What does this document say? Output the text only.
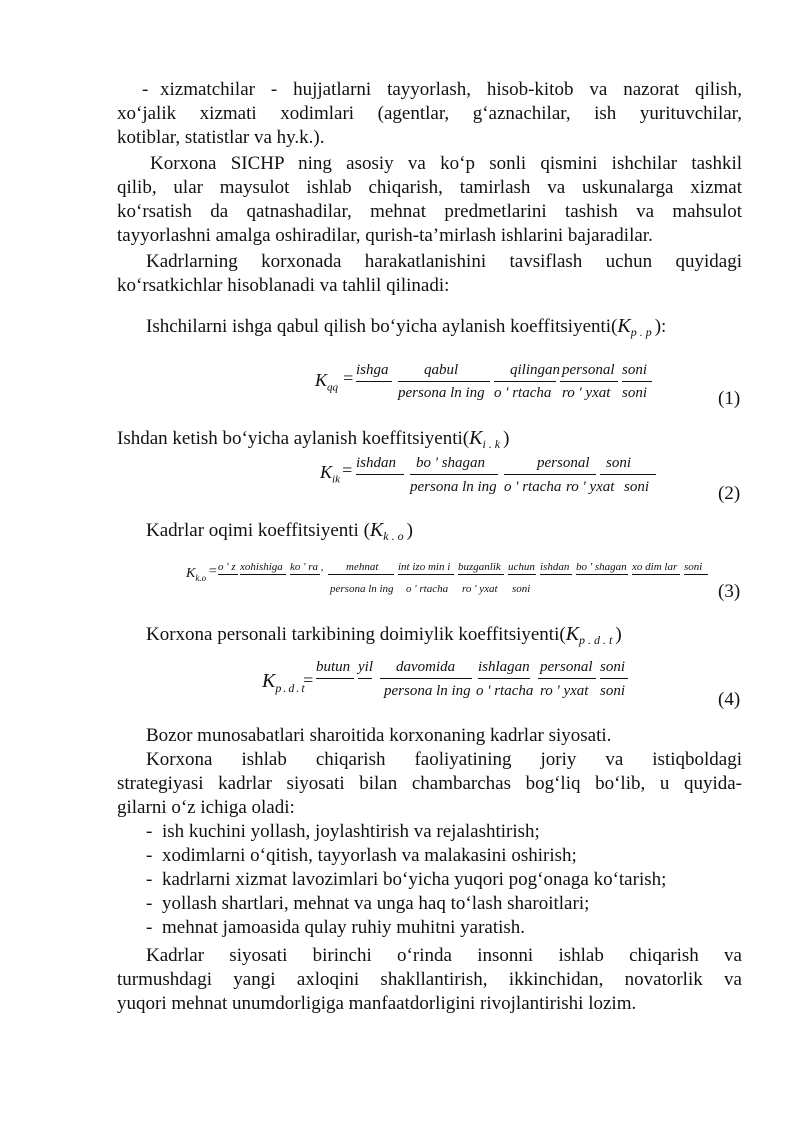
- xizmatchilar - hujjatlarni tayyorlash, hisob-kitob va nazorat qilish,
xo‘jalik xizmati xodimlari (agentlar, g‘aznachilar, ish yurituvchilar,
kotiblar, statistlar va hy.k.).
Korxona SICHP ning asosiy va ko‘p sonli qismini ishchilar tashkil
qilib, ular maysulot ishlab chiqarish, tamirlash va uskunalarga xizmat
ko‘rsatish da qatnashadilar, mehnat predmetlarini tashish va mahsulot
tayyorlashni amalga oshiradilar, qurish-ta’mirlash ishlarini bajaradilar.
Kadrlarning korxonada harakatlanishini tavsiflash uchun quyidagi
ko‘rsatkichlar hisoblanadi va tahlil qilinadi:
Ishchilarni ishga qabul qilish bo‘yicha aylanish $koeffitsiyenti(K_{p.p})$:
$K_{qq}$ = ishga qabul	qilingan personal soni
persona ln ing o ' rtacha ro ' yxat soni	(1)
Ishdan ketish bo‘yicha aylanish $koeffitsiyenti(K_{i.k})$
$K_{ik}$ = ishdan bo ' shagan	personal soni
persona ln ing o ' rtacha ro ' yxat soni	(2)
Kadrlar oqimi koeffitsiyenti $(K_{k.o})$
$K_{k.o} = o$ ' z xohishiga ko ' ra , mehnat int izo min i buzganlik uchun ishdan bo ' shagan xo dim lar soni
persona ln ing o ' rtacha ro ' yxat soni	(3)
Korxona personali tarkibining doimiylik $koeffitsiyenti(K_{p.d.t})$
$K_{p.d.t}$
=
butun yil davomida ishlagan personal soni
persona ln ing o ' rtacha ro ' yxat soni	(4)
Bozor munosabatlari sharoitida korxonaning kadrlar siyosati.
Korxona ishlab chiqarish faoliyatining joriy va istiqboldagi
strategiyasi kadrlar siyosati bilan chambarchas bog‘liq bo‘lib, u quyida-
gilarni o‘z ichiga oladi:
- ish kuchini yollash, joylashtirish va rejalashtirish;
- xodimlarni o‘qitish, tayyorlash va malakasini oshirish;
- kadrlarni xizmat lavozimlari bo‘yicha yuqori pog‘onaga ko‘tarish;
- yollash shartlari, mehnat va unga haq to‘lash sharoitlari;
- mehnat jamoasida qulay ruhiy muhitni yaratish.
Kadrlar siyosati birinchi o‘rinda insonni ishlab chiqarish va
turmushdagi yangi axloqini shakllantirish, ikkinchidan, novatorlik va
yuqori mehnat unumdorligiga manfaatdorligini rivojlantirishi lozim.
